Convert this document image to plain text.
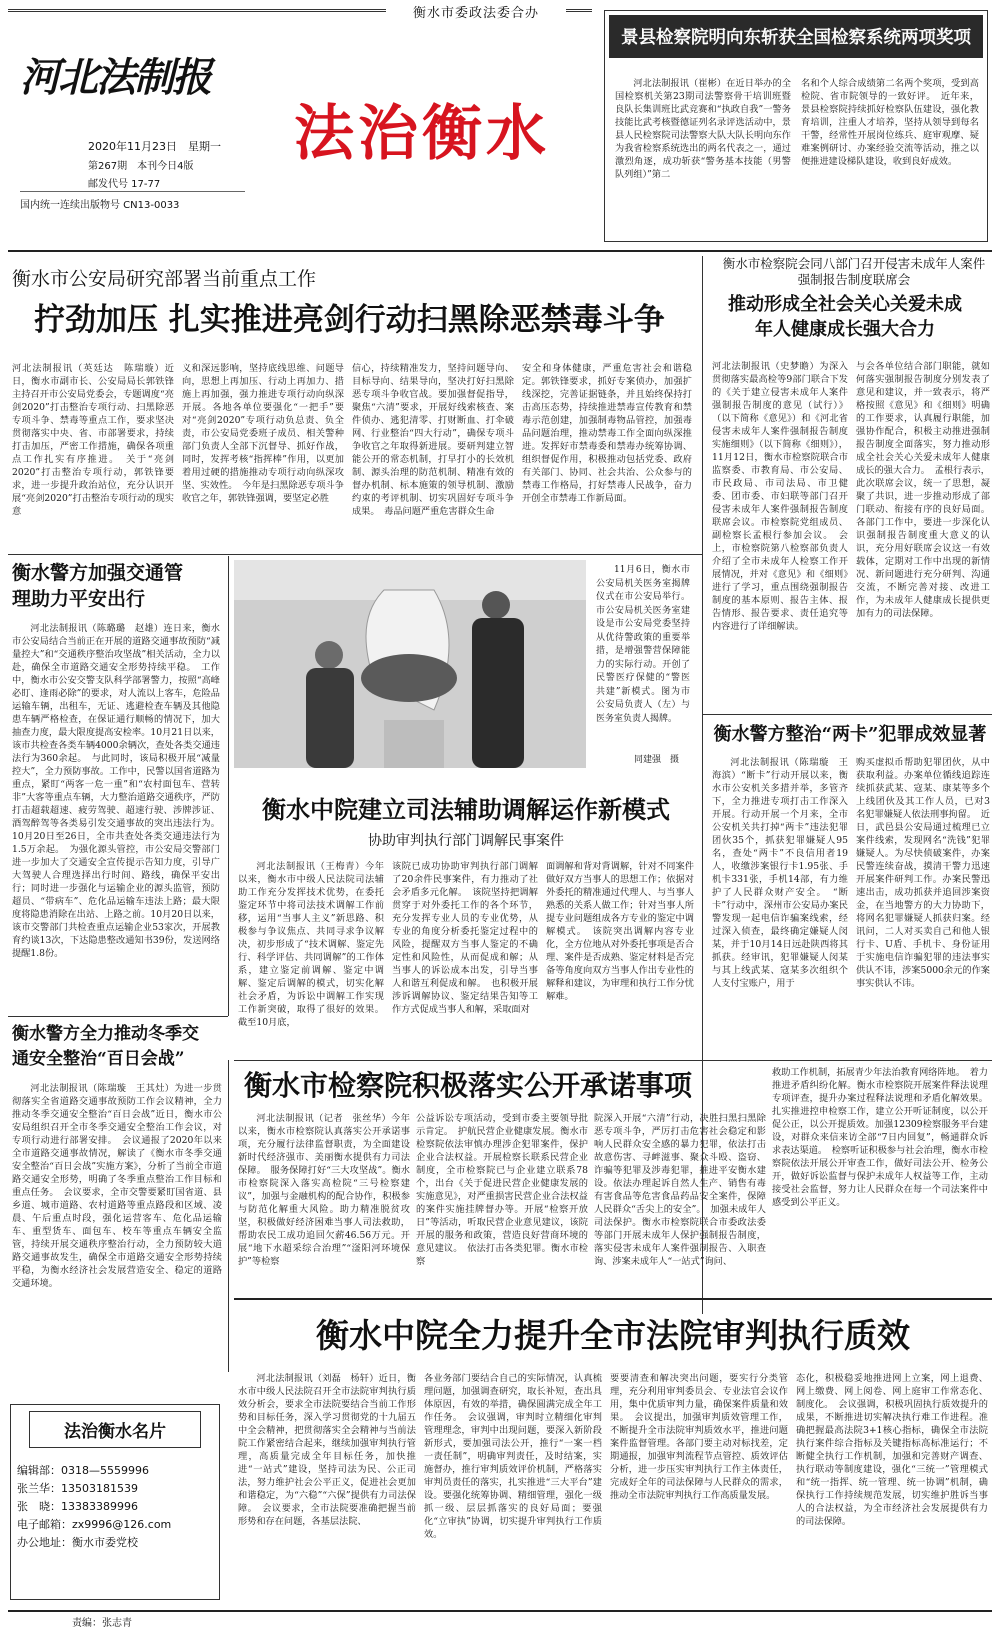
衡水市委政法委合办
河北法制报
2020年11月23日　星期一
第267期　本刊今日4版
邮发代号 17-77
国内统一连续出版物号 CN13-0033
法治衡水
景县检察院明向东斩获全国检察系统两项奖项
河北法制报讯（崔彬）在近日举办的全国检察机关第23期司法警察骨干培训班暨良队长集训班比武竞赛和“执政自我”一警务技能比武考核暨德证列名录评选活动中，景县人民检察院司法警察大队大队长明向东作为我省检察系统选出的两名代表之一，通过激烈角逐，成功斩获“警务基本技能（男警队列组）”第二
名和个人综合成绩第二名两个奖项，受到高检院、省市院领导的一致好评。　近年来，景县检察院持续抓好检察队伍建设，强化教育培训，注重人才培养，坚持从领导到每名干警，经常性开展岗位练兵、庭审观摩、疑难案例研讨、办案经验交流等活动，推之以便推进建设梯队建设，收到良好成效。
衡水市公安局研究部署当前重点工作
拧劲加压 扎实推进亮剑行动扫黑除恶禁毒斗争
河北法制报讯（英廷达　陈瑞璇）近日，衡水市副市长、公安局局长郭铁锋主持召开市公安局党委会，专题调度“亮剑2020”打击整治专项行动、扫黑除恶专项斗争、禁毒等重点工作，要求坚决贯彻落实中央、省、市部署要求，持续打击加压，严密工作措施，确保各项重点工作扎实有序推进。　关于“亮剑2020”打击整治专项行动，郭铁锋要求，进一步提升政治站位，充分认识开展“亮剑2020”打击整治专项行动的现实意
义和深远影响，坚持底线思维、问题导向，思想上再加压、行动上再加力、措施上再加强，强力推进专项行动向纵深开展。各地各单位要强化“一把手”要对“亮剑2020”专项行动负总责、负全责，市公安局党委班子成员、相关警种部门负责人全部下沉督导、抓好作战，同时，发挥考核“指挥棒”作用，以更加着用过硬的措施推动专项行动向纵深攻坚、实效性。　今年是扫黑除恶专项斗争收官之年，郭铁锋强调，要坚定必胜
信心，持续精准发力，坚持问题导向、目标导向、结果导向，坚决打好扫黑除恶专项斗争收官战。要加强督促指导，聚焦“六清”要求，开展好线索核查、案件侦办、逃犯清零、打财断血、打伞破网、行业整治“四大行动”，确保专项斗争收官之年取得新进展。要研判建立智能公开的常态机制，打早打小的长效机制、源头治理的防范机制、精准有效的督办机制、标本施策的领导机制、激励约束的考评机制、切实巩固好专项斗争成果。　毒品问题严重危害群众生命
安全和身体健康，严重危害社会和谐稳定。郭铁锋要求，抓好专案侦办，加强扩线深挖，完善证据链条，并且始终保持打击高压态势，持续推进禁毒宣传教育和禁毒示范创建，加强制毒物品管控，加强毒品问题治理，推动禁毒工作全面向纵深推进。发挥好市禁毒委和禁毒办统筹协调、组织督促作用，积极推动包括党委、政府有关部门、协同、社会共治、公众参与的禁毒工作格局，打好禁毒人民战争，奋力开创全市禁毒工作新局面。
衡水市检察院会同八部门召开侵害未成年人案件强制报告制度联席会
推动形成全社会关心关爱未成年人健康成长强大合力
河北法制报讯（史梦瞻）为深入贯彻落实最高检等9部门联合下发的《关于建立侵害未成年人案件强制报告制度的意见（试行）》（以下简称《意见》）和《河北省侵害未成年人案件强制报告制度实施细则》（以下简称《细则》），11月12日，衡水市检察院联合市监察委、市教育局、市公安局、市民政局、市司法局、市卫健委、团市委、市妇联等部门召开侵害未成年人案件强制报告制度联席会议。市检察院党组成员、副检察长孟根行参加会议。　会上，市检察院第八检察部负责人介绍了全市未成年人检察工作开展情况，并对《意见》和《细则》进行了学习，重点围绕强制报告制度的基本原则、报告主体、报告情形、报告要求、责任追究等内容进行了详细解读。
与会各单位结合部门职能，就如何落实强制报告制度分别发表了意见和建议，并一致表示，将严格按照《意见》和《细则》明确的工作要求，认真履行职能，加强协作配合，积极主动推进强制报告制度全面落实，努力推动形成全社会关心关爱未成年人健康成长的强大合力。　孟根行表示，此次联席会议，统一了思想，凝聚了共识，进一步推动形成了部门联动、衔接有序的良好局面。各部门工作中，要进一步深化认识强制报告制度重大意义的认识，充分用好联席会议这一有效载体，定期对工作中出现的新情况、新问题进行充分研判、沟通交流，不断完善对接、改进工作，为未成年人健康成长提供更加有力的司法保障。
衡水警方加强交通管理助力平安出行
河北法制报讯（陈璐璐　赵雄）连日来，衡水市公安局结合当前正在开展的道路交通事故预防“减量控大”和“交通秩序整治攻坚战”相关活动，全力以赴，确保全市道路交通安全形势持续平稳。　工作中，衡水市公安交警支队科学部署警力，按照“高峰必盯、逢雨必除”的要求，对人流以上客车，危险品运输车辆，出租车，无证、逃避检查车辆及其他隐患车辆严格检查，在保证通行顺畅的情况下，加大抽查力度，最大限度提高安检率。10月21日以来，该市共检查各类车辆4000余辆次，查处各类交通违法行为360余起。　与此同时，该局积极开展“减量控大”，全力预防事故。工作中，民警以国省道路为重点，紧盯“两客一危一重”和“农村面包车、营转非”大客等重点车辆，大力整治道路交通秩序，严防打击超载超速、疲劳驾驶、超速行驶、涉牌涉证、酒驾醉驾等各类易引发交通事故的突出违法行为。10月20日至26日，全市共查处各类交通违法行为1.5万余起。　为强化源头管控，市公安局交警部门进一步加大了交通安全宣传提示告知力度，引导广大驾驶人合理选择出行时间、路线，确保平安出行；同时进一步强化与运输企业的源头监管，预防超员、“带病车”、危化品运输车违法上路；最大限度将隐患消除在出站、上路之前。10月20日以来，该市交警部门共检查重点运输企业53家次，开展教育约谈13次，下达隐患整改通知书39份，发送网络提醒1.8份。
11月6日，衡水市公安局机关医务室揭牌仪式在市公安局举行。市公安局机关医务室建设是市公安局党委坚持从优待警政策的重要举措，是增强警营保障能力的实际行动。开创了民警医疗保健的“警医共建”新模式。图为市公安局负责人（左）与医务室负责人揭牌。
同建强　摄
衡水警方整治“两卡”犯罪成效显著
河北法制报讯（陈瑞璇　王海滨）“断卡”行动开展以来，衡水市公安机关多措并举，多管齐下，全力推进专项打击工作深入开展。行动开展一个月来，全市公安机关共打掉“两卡”违法犯罪团伙35个，抓获犯罪嫌疑人95名，查处“两卡”不良信用者19人，收缴涉案银行卡1.95张、手机卡331张，手机14部，有力维护了人民群众财产安全。　“断卡”行动中，深州市公安局办案民警发现一起电信诈骗案线索，经过深入侦查，最终确定嫌疑人闵某，并于10月14日远赴陕西将其抓获。经审讯，犯罪嫌疑人闵某与其上线武某、寇某多次组织个人支付宝账户，用于
购买虚拟币帮助犯罪团伙，从中获取利益。办案单位循线追踪连续抓获武某、寇某、康某等多个上线团伙及其工作人员，已对3名犯罪嫌疑人依法刑事拘留。　近日，武邑县公安局通过梳理已立案件线索，发现网名“洗钱”犯罪嫌疑人。为尽快侦破案件，办案民警连续奋战，摸清干警力迅速开展案件研判工作。办案民警迅速出击，成功抓获并追回涉案资金，在当地警方的大力协助下，将网名犯罪嫌疑人抓获归案。经讯问，二人对买卖自己和他人银行卡、U盾、手机卡、身份证用于实施电信诈骗犯罪的违法事实供认不讳，涉案5000余元的作案事实供认不讳。
衡水中院建立司法辅助调解运作新模式
协助审判执行部门调解民事案件
河北法制报讯（王梅青）今年以来，衡水市中级人民法院司法辅助工作充分发挥技术优势，在委托鉴定环节中将司法技术调解工作前移，运用“当事人主义”新思路、积极参与争议焦点、共同寻求争议解决，初步形成了“技术调解、鉴定先行、科学评估、共同调解”的工作体系，建立鉴定前调解、鉴定中调解、鉴定后调解的模式，切实化解社会矛盾，为诉讼中调解工作实现工作新突破，取得了很好的效果。截至10月底，
该院已成功协助审判执行部门调解了20余件民事案件，有力推动了社会矛盾多元化解。　该院坚持把调解贯穿于对外委托工作的各个环节，充分发挥专业人员的专业优势，从专业的角度分析委托鉴定过程中的风险，提醒双方当事人鉴定的不确定性和风险性，从而促成和解；从当事人的诉讼成本出发，引导当事人和谐互利促成和解。　也积极开展涉诉调解协议、鉴定结果告知等工作方式促成当事人和解，采取面对
面调解和背对背调解，针对不同案件做好双方当事人的思想工作；依据对外委托的精准通过代理人、与当事人熟悉的关系人做工作；针对当事人所提专业问题组成各方专业的鉴定中调解模式。　该院突出调解内容专业化，全方位地从对外委托事项是否合理、案件是否成熟、鉴定材料是否完备等角度向双方当事人作出专业性的解释和建议，为审理和执行工作分忧解难。
衡水警方全力推动冬季交通安全整治“百日会战”
河北法制报讯（陈瑞璇　王其灶）为进一步贯彻落实全省道路交通事故预防工作会议精神，全力推动冬季交通安全整治“百日会战”近日，衡水市公安局组织召开全市冬季交通安全整治工作会议，对专项行动进行部署安排。　会议通报了2020年以来全市道路交通事故情况，解读了《衡水市冬季交通安全整治“百日会战”实施方案》，分析了当前全市道路交通安全形势，明确了冬季重点整治工作目标和重点任务。　会议要求，全市交警要紧盯国省道、县乡道、城市道路、农村道路等重点路段和区域、凌晨、午后重点时段，强化运营客车、危化品运输车、重型货车、面包车、校车等重点车辆安全监管，持续开展交通秩序整治行动，全力预防较大道路交通事故发生，确保全市道路交通安全形势持续平稳，为衡水经济社会发展营造安全、稳定的道路交通环境。
衡水市检察院积极落实公开承诺事项
河北法制报讯（记者　张丝华）今年以来，衡水市检察院认真落实公开承诺事项，充分履行法律监督职责，为全面建设新时代经济强市、美丽衡水提供有力司法保障。　服务保障打好“三大攻坚战”。衡水市检察院深入落实高检院“三号检察建议”，加强与金融机构的配合协作，积极参与防范化解重大风险。助力精准脱贫攻坚，积极做好经济困难当事人司法救助，帮助农民工成功追回欠薪46.56万元。开展“地下水超采综合治理”“滏阳河环境保护”等检察
公益诉讼专项活动，受到市委主要领导批示肯定。　护航民营企业健康发展。衡水市检察院依法审慎办理涉企犯罪案件，保护企业合法权益。开展检察长联系民营企业制度，全市检察院已与企业建立联系78个，出台《关于促进民营企业健康发展的实施意见》，对严重损害民营企业合法权益的案件实施挂牌督办等。开展“检察开放日”等活动，听取民营企业意见建议，该院开展的服务和政策，营造良好营商环境的意见建议。　依法打击各类犯罪。衡水市检察
院深入开展“六清”行动，决胜扫黑扫黑除恶专项斗争，严厉打击危害社会稳定和影响人民群众安全感的暴力犯罪，依法打击故意伤害、寻衅滋事、聚众斗殴、盗窃、诈骗等犯罪及涉毒犯罪，推进平安衡水建设。依法办理起诉自然人生产、销售有毒有害食品等危害食品药品安全案件，保障人民群众“舌尖上的安全”。　加强未成年人司法保护。衡水市检察院联合市委政法委等部门开展未成年人保护强制报告制度，落实侵害未成年人案件强制报告、入职查询、涉案未成年人“一站式”询问、
救助工作机制，拓展青少年法治教育网络阵地。　着力推进矛盾纠纷化解。衡水市检察院开展案件释法说理专项评查，提升办案过程释法说理和矛盾化解效果。扎实推进控申检察工作，建立公开听证制度，以公开促公正，以公开提质效。加强12309检察服务平台建设，对群众来信来访全部“7日内回复”，畅通群众诉求表达渠道。　检察听证积极参与社会治理，衡水市检察院依法开展公开审查工作，做好司法公开、检务公开，做好诉讼监督与保护未成年人权益等工作，主动接受社会监督，努力让人民群众在每一个司法案件中感受到公平正义。
衡水中院全力提升全市法院审判执行质效
河北法制报讯（刘磊　杨轩）近日，衡水市中级人民法院召开全市法院审判执行质效分析会，要求全市法院要结合当前工作形势和目标任务，深入学习贯彻党的十九届五中全会精神，把贯彻落实全会精神与当前法院工作紧密结合起来，继续加强审判执行管理，高质量完成全年目标任务，加快推进“一站式”建设，坚持司法为民、公正司法，努力维护社会公平正义，促进社会更加和谐稳定，为“六稳”“六保”提供有力司法保障。　会议要求，全市法院要准确把握当前形势和存在问题，各基层法院、
各业务部门要结合自己的实际情况，认真梳理问题，加强调查研究，取长补短，查出具体原因，有效的举措，确保圆满完成全年工作任务。　会议强调，审判时立精细化审判管理理念，审判中出现问题，要深入新阶段新形式，要加强司法公开，推行“一案一档一责任制”，明确审判责任，及时结案，实施督办，推行审判质效评价机制，严格落实审判员责任的落实，扎实推进“三大平台”建设。要强化统筹协调、精细管理，强化一级抓一级、层层抓落实的良好局面；要强化“立审执”协调，切实提升审判执行工作质效。
要要清查和解决突出问题，要实行分类管理，充分利用审判委员会、专业法官会议作用，集中优质审判力量，确保案件质量和效果。　会议提出，加强审判质效管理工作，不断提升全市法院审判质效水平，推进问题案件监督管理。各部门要主动对标找差，定期通报，加强审判流程节点管控、质效评估分析，进一步压实审判执行工作主体责任，完成好全年的司法保障与人民群众的需求，推动全市法院审判执行工作高质量发展。
态化，积极稳妥地推进网上立案，网上退费、网上缴费、网上阅卷、网上庭审工作常态化、制度化。　会议强调，积极巩固执行质效提升的成果，不断推进切实解决执行难工作进程。准确把握最高法院3+1核心指标，确保全市法院执行案件综合指标及关键指标高标准运行；不断健全执行工作机制，加强和完善财产调查、执行联动等制度建设，强化“三统一”管理模式和“统一指挥、统一管理、统一协调”机制，确保执行工作持续规范发展，切实维护胜诉当事人的合法权益，为全市经济社会发展提供有力的司法保障。
法治衡水名片
编辑部：0318—5559996
张兰华：13503181539
张　晓：13383389996
电子邮箱：zx9996@126.com
办公地址：衡水市委党校
责编：张志青
